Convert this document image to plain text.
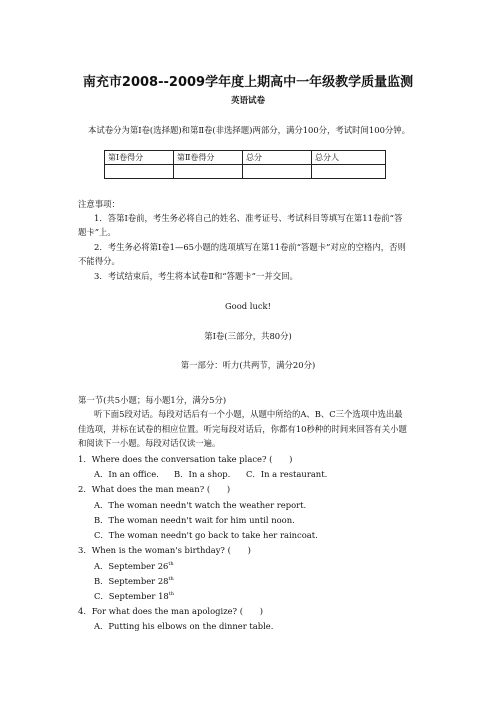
南充市2008--2009学年度上期高中一年级教学质量监测
英语试卷
本试卷分为第Ⅰ卷(选择题)和第Ⅱ卷(非选择题)两部分，满分100分，考试时间100分钟。
第Ⅰ卷得分	第Ⅱ卷得分	总分	总分人

注意事项：
1．答第Ⅰ卷前，考生务必将自己的姓名、准考证号、考试科目等填写在第11卷前“答
题卡”上。
2．考生务必将第Ⅰ卷1—65小题的选项填写在第11卷前“答题卡”对应的空格内，否则
不能得分。
3．考试结束后，考生将本试卷Ⅱ和“答题卡”一并交回。
Good luck!
第Ⅰ卷(三部分，共80分)
第一部分：听力(共两节，满分20分)
第一节(共5小题；每小题1分，满分5分)
听下面5段对话。每段对话后有一个小题，从题中所给的A、B、C三个选项中选出最
佳选项，并标在试卷的相应位置。听完每段对话后，你都有10秒种的时间来回答有关小题
和阅读下一小题。每段对话仅读一遍。
1．Where does the conversation take place? (　　)
A．In an office. B．In a shop. C．In a restaurant.
2．What does the man mean? (　　)
A．The woman needn't watch the weather report.
B．The woman needn't wait for him until noon.
C．The woman needn't go back to take her raincoat.
3．When is the woman's birthday? (　　)
A．September 26th
B．September 28th
C．September 18th
4．For what does the man apologize? (　　)
A．Putting his elbows on the dinner table.
